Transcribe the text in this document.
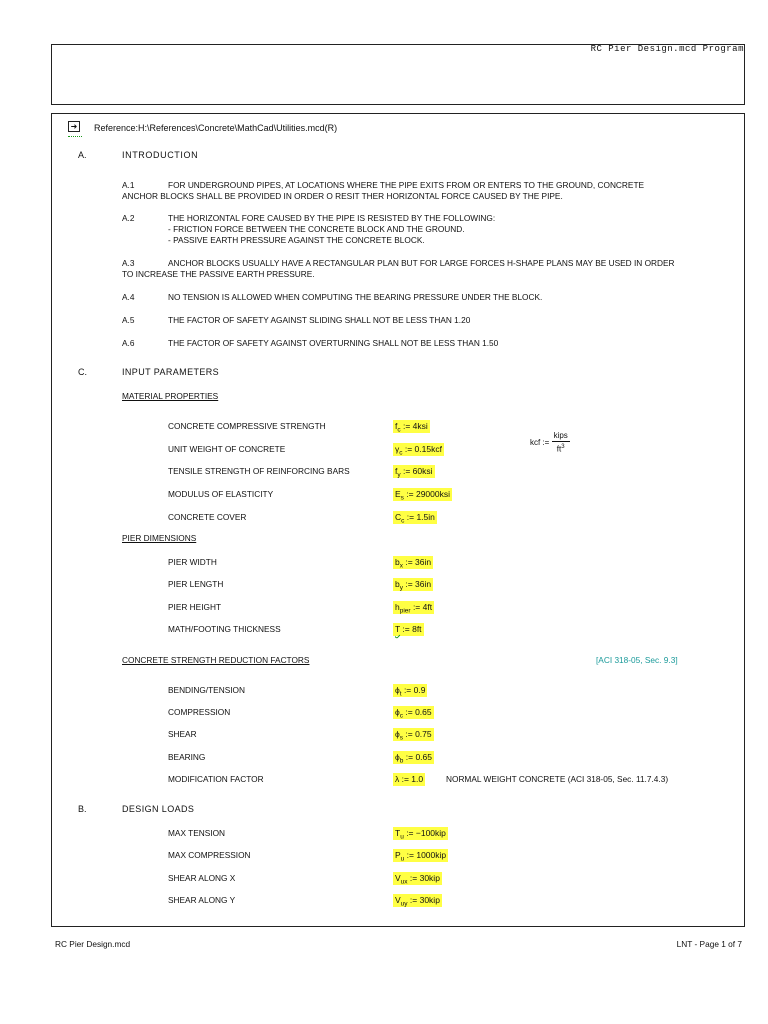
RC Pier Design.mcd Program
➜ Reference:H:\References\Concrete\MathCad\Utilities.mcd(R)
A.	INTRODUCTION
A.1	FOR UNDERGROUND PIPES, AT LOCATIONS WHERE THE PIPE EXITS FROM OR ENTERS TO THE GROUND, CONCRETE
ANCHOR BLOCKS SHALL BE PROVIDED IN ORDER O RESIT THER HORIZONTAL FORCE CAUSED BY THE PIPE.
A.2	THE HORIZONTAL FORE CAUSED BY THE PIPE IS RESISTED BY THE FOLLOWING:
- FRICTION FORCE BETWEEN THE CONCRETE BLOCK AND THE GROUND.
- PASSIVE EARTH PRESSURE AGAINST THE CONCRETE BLOCK.
A.3	ANCHOR BLOCKS USUALLY HAVE A RECTANGULAR PLAN BUT FOR LARGE FORCES H-SHAPE PLANS MAY BE USED IN ORDER
TO INCREASE THE PASSIVE EARTH PRESSURE.
A.4	NO TENSION IS ALLOWED WHEN COMPUTING THE BEARING PRESSURE UNDER THE BLOCK.
A.5	THE FACTOR OF SAFETY AGAINST SLIDING SHALL NOT BE LESS THAN 1.20
A.6	THE FACTOR OF SAFETY AGAINST OVERTURNING SHALL NOT BE LESS THAN 1.50
C.	INPUT PARAMETERS
MATERIAL PROPERTIES
CONCRETE COMPRESSIVE STRENGTH	$f_c$ := 4ksi
UNIT WEIGHT OF CONCRETE	$\gamma_c$ := 0.15kcf
kcf := $\frac{\text{kips}}{ft^3}$
TENSILE STRENGTH OF REINFORCING BARS	$f_y$ := 60ksi
MODULUS OF ELASTICITY	$E_s$ := 29000ksi
CONCRETE COVER	$C_c$ := 1.5in
PIER DIMENSIONS
PIER WIDTH	$b_x$ := 36in
PIER LENGTH	$b_y$ := 36in
PIER HEIGHT	$h_{pier}$ := 4ft
MATH/FOOTING THICKNESS	T := 8ft
CONCRETE STRENGTH REDUCTION FACTORS	[ACI 318-05, Sec. 9.3]
BENDING/TENSION	$\phi_t$ := 0.9
COMPRESSION	$\phi_c$ := 0.65
SHEAR	$\phi_s$ := 0.75
BEARING	$\phi_b$ := 0.65
MODIFICATION FACTOR	λ := 1.0	NORMAL WEIGHT CONCRETE (ACI 318-05, Sec. 11.7.4.3)
B.	DESIGN LOADS
MAX TENSION	$T_u$ := −100kip
MAX COMPRESSION	$P_u$ := 1000kip
SHEAR ALONG X	$V_{ux}$ := 30kip
SHEAR ALONG Y	$V_{uy}$ := 30kip
RC Pier Design.mcd	LNT - Page 1 of 7
